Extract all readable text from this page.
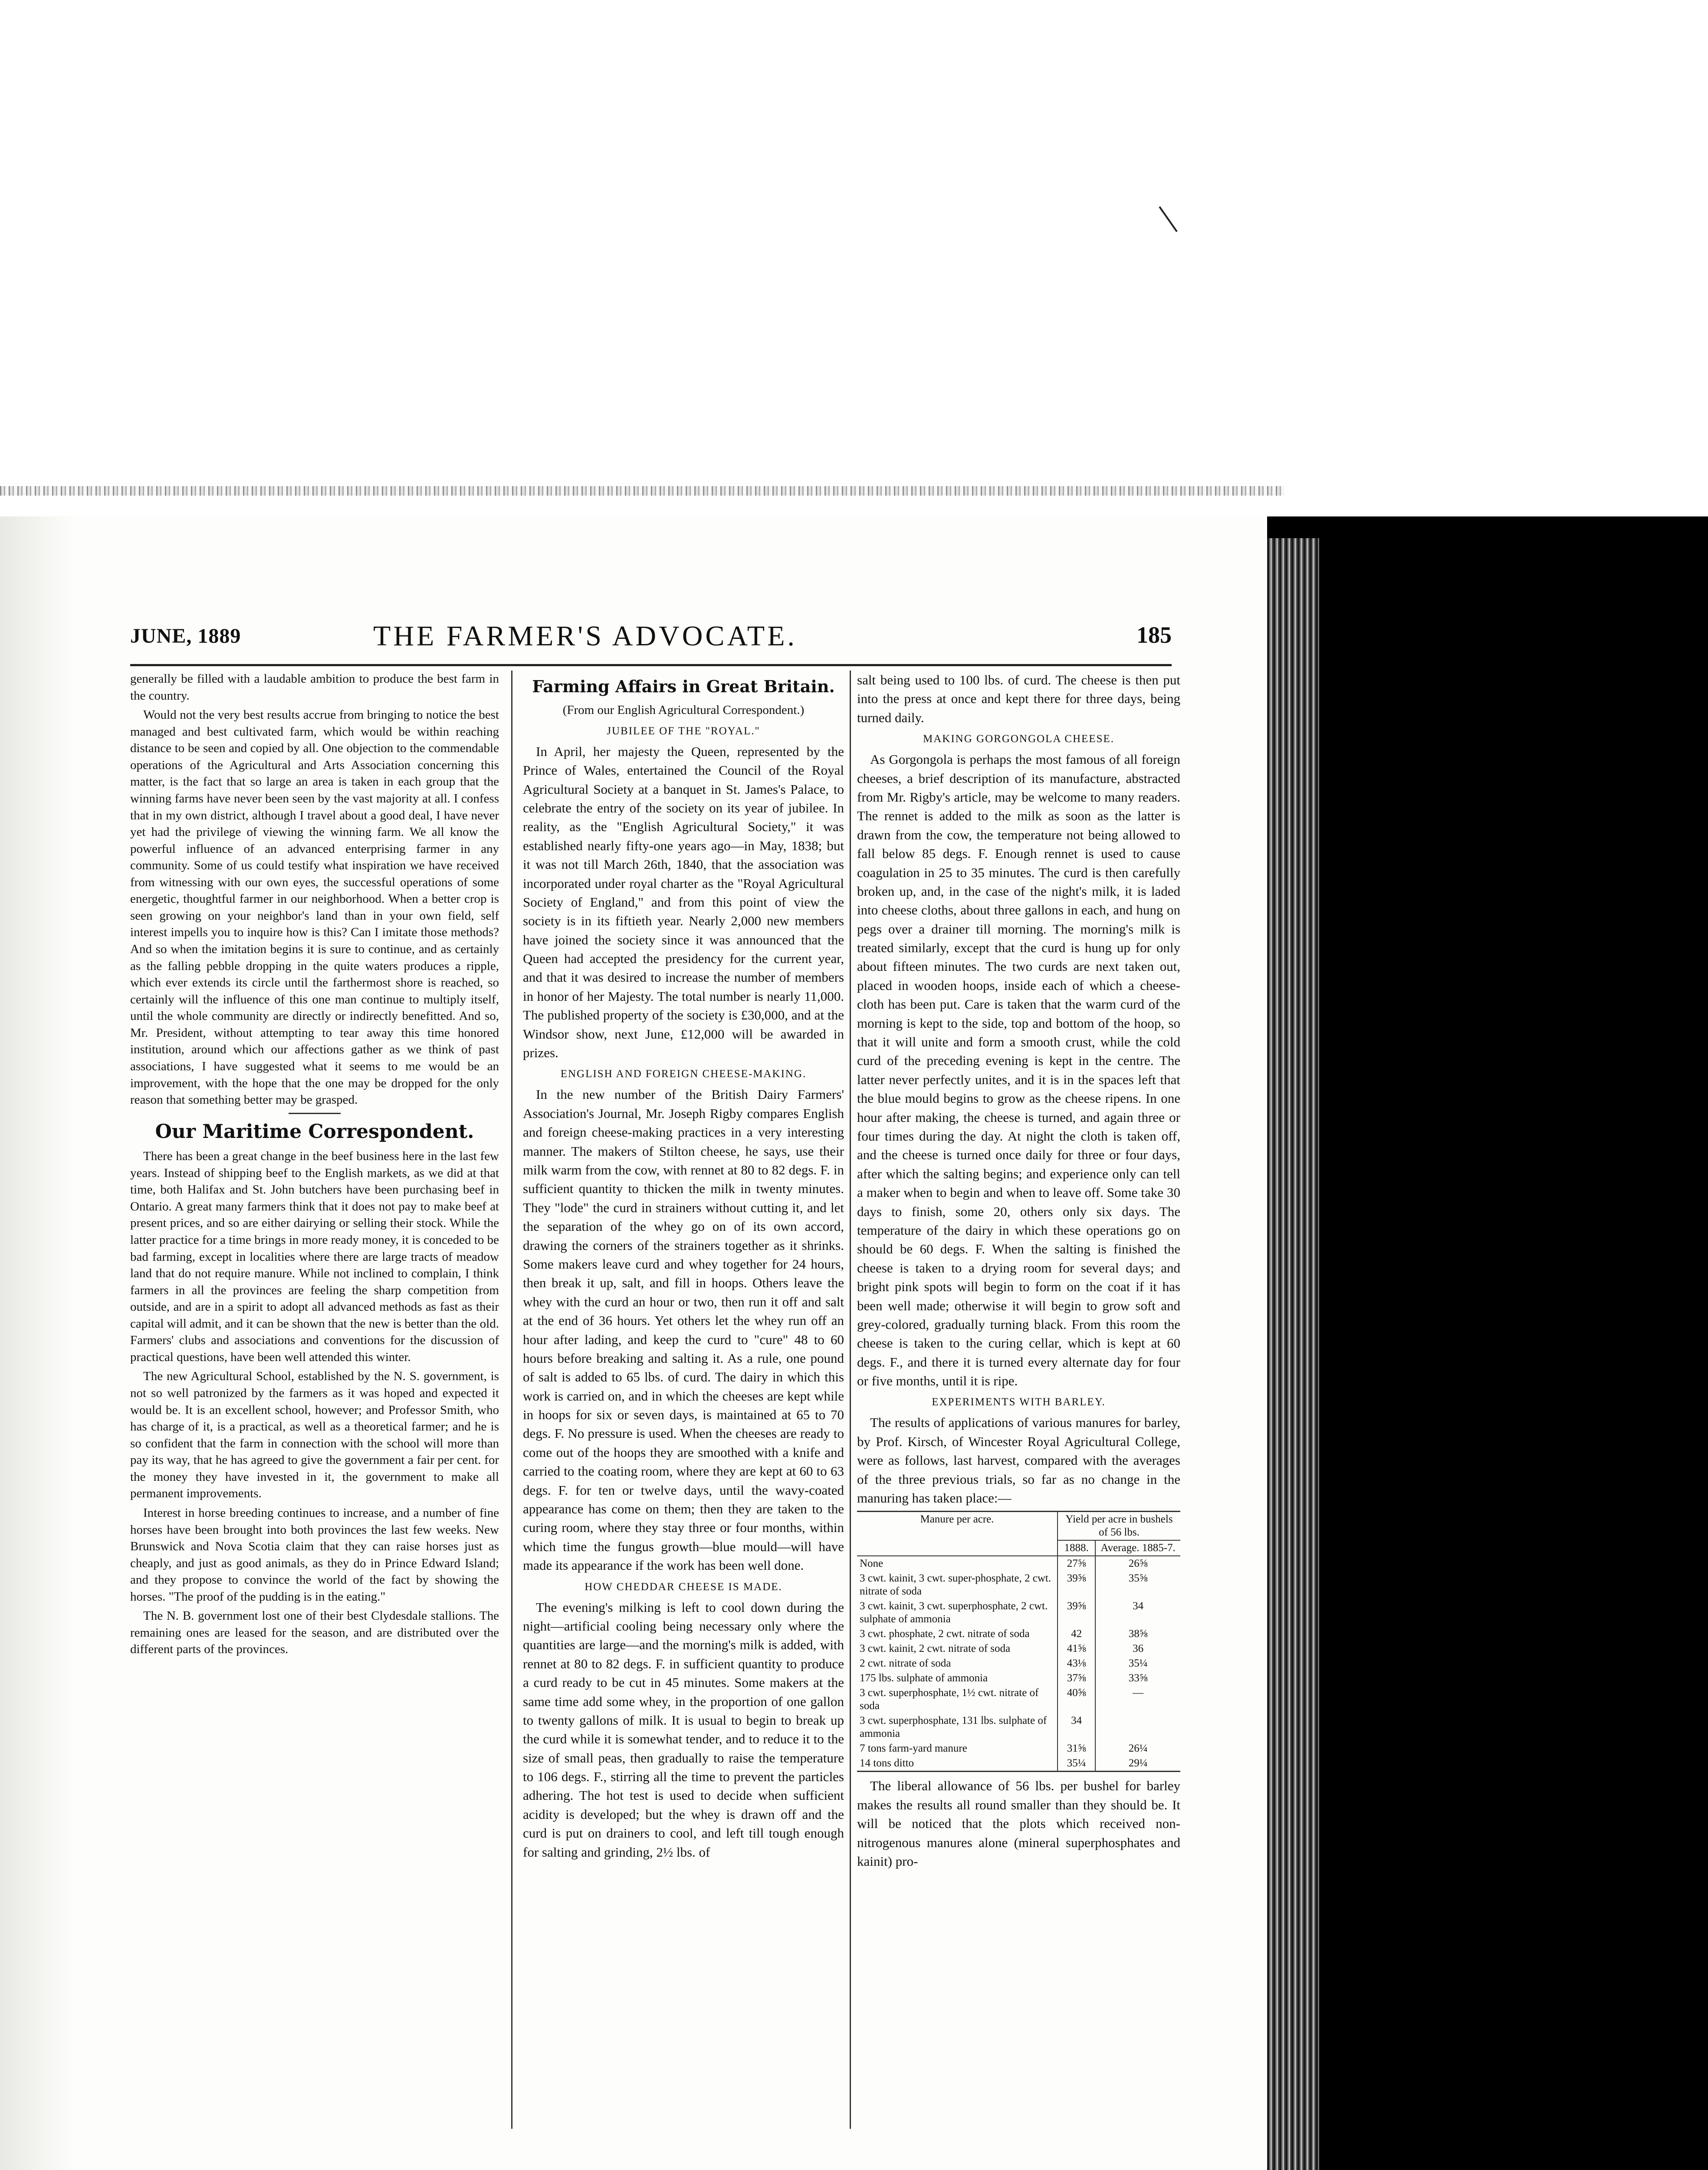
JUNE, 1889	THE FARMER'S ADVOCATE.	185

generally be filled with a laudable ambition to produce the best farm in the country.

Would not the very best results accrue from bringing to notice the best managed and best cultivated farm, which would be within reaching distance to be seen and copied by all. One objection to the commendable operations of the Agricultural and Arts Association concerning this matter, is the fact that so large an area is taken in each group that the winning farms have never been seen by the vast majority at all. I confess that in my own district, although I travel about a good deal, I have never yet had the privilege of viewing the winning farm. We all know the powerful influence of an advanced enterprising farmer in any community. Some of us could testify what inspiration we have received from witnessing with our own eyes, the successful operations of some energetic, thoughtful farmer in our neighborhood. When a better crop is seen growing on your neighbor's land than in your own field, self interest impells you to inquire how is this? Can I imitate those methods? And so when the imitation begins it is sure to continue, and as certainly as the falling pebble dropping in the quite waters produces a ripple, which ever extends its circle until the farthermost shore is reached, so certainly will the influence of this one man continue to multiply itself, until the whole community are directly or indirectly benefitted. And so, Mr. President, without attempting to tear away this time honored institution, around which our affections gather as we think of past associations, I have suggested what it seems to me would be an improvement, with the hope that the one may be dropped for the only reason that something better may be grasped.

Our Maritime Correspondent.

There has been a great change in the beef business here in the last few years. Instead of shipping beef to the English markets, as we did at that time, both Halifax and St. John butchers have been purchasing beef in Ontario. A great many farmers think that it does not pay to make beef at present prices, and so are either dairying or selling their stock. While the latter practice for a time brings in more ready money, it is conceded to be bad farming, except in localities where there are large tracts of meadow land that do not require manure. While not inclined to complain, I think farmers in all the provinces are feeling the sharp competition from outside, and are in a spirit to adopt all advanced methods as fast as their capital will admit, and it can be shown that the new is better than the old. Farmers' clubs and associations and conventions for the discussion of practical questions, have been well attended this winter.

The new Agricultural School, established by the N. S. government, is not so well patronized by the farmers as it was hoped and expected it would be. It is an excellent school, however; and Professor Smith, who has charge of it, is a practical, as well as a theoretical farmer; and he is so confident that the farm in connection with the school will more than pay its way, that he has agreed to give the government a fair per cent. for the money they have invested in it, the government to make all permanent improvements.

Interest in horse breeding continues to increase, and a number of fine horses have been brought into both provinces the last few weeks. New Brunswick and Nova Scotia claim that they can raise horses just as cheaply, and just as good animals, as they do in Prince Edward Island; and they propose to convince the world of the fact by showing the horses. "The proof of the pudding is in the eating."

The N. B. government lost one of their best Clydesdale stallions. The remaining ones are leased for the season, and are distributed over the different parts of the provinces.

Farming Affairs in Great Britain.
(From our English Agricultural Correspondent.)
JUBILEE OF THE "ROYAL."

In April, her majesty the Queen, represented by the Prince of Wales, entertained the Council of the Royal Agricultural Society at a banquet in St. James's Palace, to celebrate the entry of the society on its year of jubilee. In reality, as the "English Agricultural Society," it was established nearly fifty-one years ago—in May, 1838; but it was not till March 26th, 1840, that the association was incorporated under royal charter as the "Royal Agricultural Society of England," and from this point of view the society is in its fiftieth year. Nearly 2,000 new members have joined the society since it was announced that the Queen had accepted the presidency for the current year, and that it was desired to increase the number of members in honor of her Majesty. The total number is nearly 11,000. The published property of the society is £30,000, and at the Windsor show, next June, £12,000 will be awarded in prizes.

ENGLISH AND FOREIGN CHEESE-MAKING.

In the new number of the British Dairy Farmers' Association's Journal, Mr. Joseph Rigby compares English and foreign cheese-making practices in a very interesting manner. The makers of Stilton cheese, he says, use their milk warm from the cow, with rennet at 80 to 82 degs. F. in sufficient quantity to thicken the milk in twenty minutes. They "lode" the curd in strainers without cutting it, and let the separation of the whey go on of its own accord, drawing the corners of the strainers together as it shrinks. Some makers leave curd and whey together for 24 hours, then break it up, salt, and fill in hoops. Others leave the whey with the curd an hour or two, then run it off and salt at the end of 36 hours. Yet others let the whey run off an hour after lading, and keep the curd to "cure" 48 to 60 hours before breaking and salting it. As a rule, one pound of salt is added to 65 lbs. of curd. The dairy in which this work is carried on, and in which the cheeses are kept while in hoops for six or seven days, is maintained at 65 to 70 degs. F. No pressure is used. When the cheeses are ready to come out of the hoops they are smoothed with a knife and carried to the coating room, where they are kept at 60 to 63 degs. F. for ten or twelve days, until the wavy-coated appearance has come on them; then they are taken to the curing room, where they stay three or four months, within which time the fungus growth—blue mould—will have made its appearance if the work has been well done.

HOW CHEDDAR CHEESE IS MADE.

The evening's milking is left to cool down during the night—artificial cooling being necessary only where the quantities are large—and the morning's milk is added, with rennet at 80 to 82 degs. F. in sufficient quantity to produce a curd ready to be cut in 45 minutes. Some makers at the same time add some whey, in the proportion of one gallon to twenty gallons of milk. It is usual to begin to break up the curd while it is somewhat tender, and to reduce it to the size of small peas, then gradually to raise the temperature to 106 degs. F., stirring all the time to prevent the particles adhering. The hot test is used to decide when sufficient acidity is developed; but the whey is drawn off and the curd is put on drainers to cool, and left till tough enough for salting and grinding, 2½ lbs. of

salt being used to 100 lbs. of curd. The cheese is then put into the press at once and kept there for three days, being turned daily.

MAKING GORGONGOLA CHEESE.

As Gorgongola is perhaps the most famous of all foreign cheeses, a brief description of its manufacture, abstracted from Mr. Rigby's article, may be welcome to many readers. The rennet is added to the milk as soon as the latter is drawn from the cow, the temperature not being allowed to fall below 85 degs. F. Enough rennet is used to cause coagulation in 25 to 35 minutes. The curd is then carefully broken up, and, in the case of the night's milk, it is laded into cheese cloths, about three gallons in each, and hung on pegs over a drainer till morning. The morning's milk is treated similarly, except that the curd is hung up for only about fifteen minutes. The two curds are next taken out, placed in wooden hoops, inside each of which a cheese-cloth has been put. Care is taken that the warm curd of the morning is kept to the side, top and bottom of the hoop, so that it will unite and form a smooth crust, while the cold curd of the preceding evening is kept in the centre. The latter never perfectly unites, and it is in the spaces left that the blue mould begins to grow as the cheese ripens. In one hour after making, the cheese is turned, and again three or four times during the day. At night the cloth is taken off, and the cheese is turned once daily for three or four days, after which the salting begins; and experience only can tell a maker when to begin and when to leave off. Some take 30 days to finish, some 20, others only six days. The temperature of the dairy in which these operations go on should be 60 degs. F. When the salting is finished the cheese is taken to a drying room for several days; and bright pink spots will begin to form on the coat if it has been well made; otherwise it will begin to grow soft and grey-colored, gradually turning black. From this room the cheese is taken to the curing cellar, which is kept at 60 degs. F., and there it is turned every alternate day for four or five months, until it is ripe.

EXPERIMENTS WITH BARLEY.

The results of applications of various manures for barley, by Prof. Kirsch, of Wincester Royal Agricultural College, were as follows, last harvest, compared with the averages of the three previous trials, so far as no change in the manuring has taken place:—

Manure per acre.	Yield per acre in bushels of 56 lbs.	
	1888.	Average. 1885-7.
None	27⅝	26⅝
3 cwt. kainit, 3 cwt. super-phosphate, 2 cwt. nitrate of soda	39⅝	35⅝
3 cwt. kainit, 3 cwt. superphosphate, 2 cwt. sulphate of ammonia	39⅝	34
3 cwt. phosphate, 2 cwt. nitrate of soda	42	38⅝
3 cwt. kainit, 2 cwt. nitrate of soda	41⅝	36
2 cwt. nitrate of soda	43⅛	35¼
175 lbs. sulphate of ammonia	37⅝	33⅝
3 cwt. superphosphate, 1½ cwt. nitrate of soda	40⅝	—
3 cwt. superphosphate, 131 lbs. sulphate of ammonia	34	
7 tons farm-yard manure	31⅝	26¼
14 tons ditto	35¼	29¼

The liberal allowance of 56 lbs. per bushel for barley makes the results all round smaller than they should be. It will be noticed that the plots which received non-nitrogenous manures alone (mineral superphosphates and kainit) pro-
